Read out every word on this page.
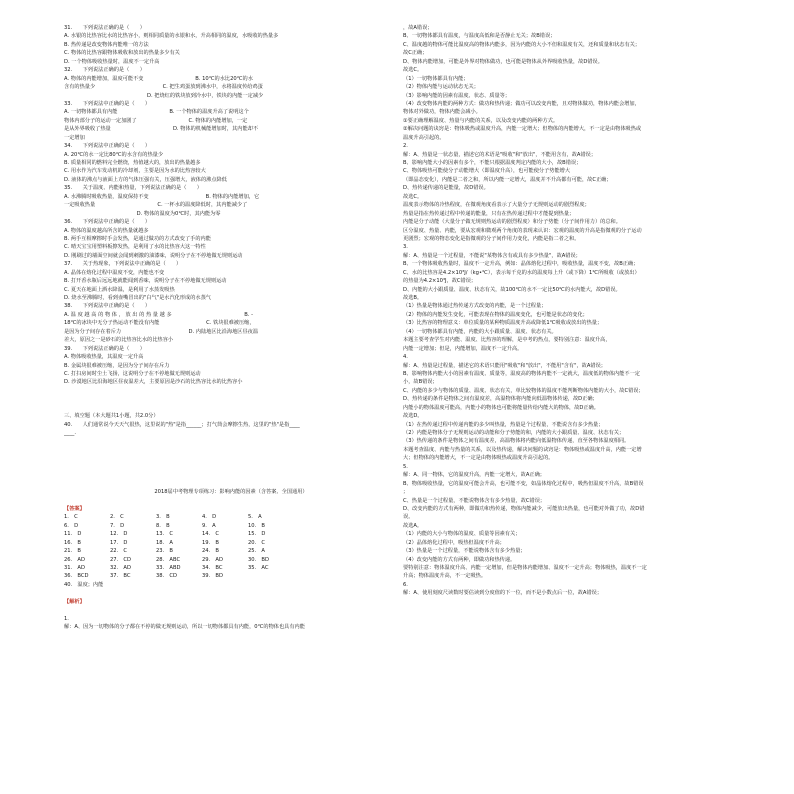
31.　　下列说法正确的是（　　）
A. 水银的比热容比水的比热容小，则相同质量的水银和水，升高相同的温度，水吸收的热量多
B. 热传递是改变物体内能唯一的方法
C. 物体的比热容跟物体吸收和放出的热量多少有关
D. 一个物体吸收热量时，温度不一定升高
32.　　下列说法正确的是（　　）
A. 物体的内能增加，温度可能不变　　　　　　　　　　B. 10℃的水比20℃的水
含有的热量少　　　　　　　　　　　　　C. 把生鸡蛋放到沸水中，水将温度传给鸡蛋
　　　　　　　　　　　　　　　　D. 把烧红的铁块放到冷水中，铁块的内能一定减少
33.　　下列说法中正确的是（　　）
A. 一切物体都具有内能　　　　　　　　　　B. 一个物体的温度升高了说明这个
物体内部分子的运动一定加剧了　　　　　　　　　　C. 物体的内能增加，一定
是从外界吸收了热量　　　　　　　　　　　　D. 物体的机械能增加时，其内能却不
一定增加
34.　　下列说法中正确的是（　　）
A. 20℃的水一定比80℃的水含有的热量少
B. 质量相同的燃料完全燃烧，热值越大的，放出的热量越多
C. 用水作为汽车发动机的冷却剂，主要是因为水的比热容较大
D. 液体的沸点与液面上方的气体压强有关，压强增大，液体的沸点降低
35.　　关于温度、内能和热量，下列说法正确的是（　　）
A. 水沸腾时吸收热量，温度保持不变　　　　　　　　　　　B. 物体的内能增加，它
一定吸收热量　　　　　　　　　　　　C. 一杯水的温度降低时，其内能减少了
　　　　　　　　　　　　　　D. 物体的温度为0℃时，其内能为零
36.　　下列说法中正确的是（　　）
A. 物体的温度越高所含的热量就越多
B. 两手互相摩擦时手会发热，是通过做功的方式改变了手的内能
C. 晴天宝宝用塑料板擦发热，是利用了水的比热容大这一特性
D. 刚刷过的墙面空间就会闻到刺激的油漆味，说明分子在不停地做无规则运动
37.　　关于热现象，下列说法中正确的是（　　）
A. 晶体在熔化过程中温度不变，内能也不变
B. 打开香水瓶后远远地就能闻到香味，说明分子在不停地做无规则运动
C. 夏天在地面上洒水降温，是利用了水蒸发吸热
D. 烧水至沸腾时，看到壶嘴冒出的"白气"是水汽化形成的水蒸气
38.　　下列说法中正确的是（　　）
A. 温 度 越 高 的 物 体 ， 放 出 的 热 量 越 多　　　　　　　　　　　　　　B. -
18℃的冰块中无分子热运动不能没有内能　　　　　　　　　C. 铁块很难被压缩，
是因为分子间存在着斥力　　　　　　　　　　　　　D. 内陆地区比沿海地区昼夜温
差大，原因之一是砂石的比热容比水的比热容小
39.　　下列说法正确的是（　　）
A. 物体吸收热量，其温度一定升高
B. 金属块很难被压缩，是因为分子间存在斥力
C. 打扫房间时尘土飞扬，这说明分子在不停地做无规则运动
D. 沙漠地区比沿海地区昼夜温差大，主要原因是沙石的比热容比水的比热容小
三、填空题（本大题共1小题，共2.0分）
40.　　人们通常说今天天气很热，这里说的"热"是指______；打气筒会摩擦生热，这里的"热"是指____
____.
2018届中考物理专项练习：影响内能的因素（含答案、全国通用）
【答案】
1.　C	2.　C	3.　B	4.　D	5.　A
6.　D	7.　D	8.　B	9.　A	10.　B
11.　D	12.　D	13.　C	14.　C	15.　D
16.　B	17.　D	18.　A	19.　B	20.　C
21.　B	22.　C	23.　B	24.　B	25.　A
26.　AD	27.　CD	28.　ABC	29.　AD	30.　BD
31.　AD	32.　AD	33.　ABD	34.　BC	35.　AC
36.　BCD	37.　BC	38.　CD	39.　BD
40.　温度；内能
【解析】
1.
解：A、因为一切物体的分子都在不停的做无规则运动，所以一切物体都具有内能，0℃的物体也具有内能
，故A错误；
B、一切物体都具有温度，与温度高低和是否静止无关；故B错误；
C、温度越的物体可能比温度高的物体内能多，因为内能的大小不但和温度有关，还和质量和状态有关；
故C正确；
D、物体内能增加，可能是外界对物体做功，也可能是物体从外界吸收热量，故D错误。
故选C。
（1）一切物体都具有内能；
（2）物体内能与运动状态无关；
（3）影响内能的因素有温度、状态、质量等；
（4）改变物体内能的两种方式：做功和热传递；做功可以改变内能，且对物体做功，物体内能会增加，
物体对外做功，物体内能会减小。
①要正确理解温度、热量与内能的关系，以及改变内能的两种方式。
②解决问题的诀窍是：物体吸热或温度升高，内能一定增大；但物体的内能增大，不一定是由物体吸热或
温度升高引起的。
2.
解：A、热量是一状态量，描述它的术语是"吸收"和"放出"，不能用含有，故A错误；
B、影响内能大小的因素有多个，不能只根据温度判定内能的大小，故B错误；
C、物体吸热可能使分子动能增大（即温度升高），也可能使分子势能增大
（即晶态变化），内能是二者之和，所以内能一定增大，温度并不升高都有可能，故C正确；
D、热传递传递的是能量，故D错误。
故选C。
温度表示物体的冷热程度，在微观角度看表示了大量分子无规则运动的剧烈程度；
热量是指在热传递过程中传递的能量，只有在热传递过程中才能提到热量；
内能是分子动能（大量分子做无规则热运动的剧烈程度）和分子势能（分子间作用力）的总和。
区分温度、热量、内能，要从宏观和微观两个角度的表现来认识：宏观的温度的升高是指微观的分子运动
更剧烈；宏观的物态变化是指微观的分子间作用力变化，内能是指二者之和。
3.
解：A、热量是一个过程量，不能说"某物体含有或具有多少热量"，故A错误；
B、一个物体吸收热量时，温度不一定升高，例如：晶体熔化过程中，吸收热量，温度不变，故B正确；
C、水的比热容是4.2×10³J/（kg•℃），表示每千克的水的温度每上升（或下降）1℃所吸收（或放出）
的热量为4.2×10³J，故C错误；
D、内能的大小跟质量、温度、状态有关，故100℃的水不一定比50℃的水内能大，故D错误。
故选B。
（1）热量是物体通过热传递方式改变的内能，是一个过程量；
（2）物体的内能发生变化，可能表现在物体的温度变化，也可能是状态的变化；
（3）比热容的物理意义：单位质量的某种物质温度升高或降低1℃吸收或放出的热量；
（4）一切物体都具有内能，内能的大小跟质量、温度、状态有关。
本题主要考查学生对内能、温度、比热容的理解，是中考的热点，要特别注意：温度升高，
内能一定增加；但是，内能增加，温度不一定升高。
4.
解：A、热量是过程量，描述它的术语只能用"吸收"和"放出"，不能用"含有"，故A错误；
B、影响物体内能大小的因素有温度、质量等，温度高的物体内能不一定就大，温度低的物体内能不一定
小，故B错误；
C、内能的多少与物体的质量、温度、状态有关，单比较物体的温度不能判断物体内能的大小，故C错误；
D、热传递的条件是物体之间有温度差，高温物体将内能向低温物体传递，故D正确；
内能小的物体温度可能高，内能小的物体也可能将能量传给内能大的物体，故D正确。
故选D。
（1）在热传递过程中传递内能的多少叫热量，热量是个过程量，不能说含有多少热量；
（2）内能是物体分子无规则运动的动能和分子势能的和，内能的大小跟质量、温度、状态有关；
（3）热传递的条件是物体之间有温度差，高温物体将内能向低温物体传递，直至各物体温度相同。
本题考查温度、内能与热量的关系，以及热传递，解决问题的诀窍是：物体吸热或温度升高，内能一定增
大；但物体的内能增大，不一定是由物体吸热或温度升高引起的。
5.
解：A、同一物体，它的温度升高，内能一定增大，故A正确；
B、物体吸收热量，它的温度可能会升高，也可能不变，如晶体熔化过程中，吸热但温度不升高，故B错误
；
C、热量是一个过程量，不能说物体含有多少热量，故C错误；
D、改变内能的方式有两种，即做功和热传递，物体内能减少，可能放出热量，也可能对外做了功，故D错
误。
故选A。
（1）内能的大小与物体的温度、质量等因素有关；
（2）晶体熔化过程中，吸热但温度不升高；
（3）热量是一个过程量，不能说物体含有多少热量；
（4）改变内能的方式有两种，即做功和热传递。
要特别注意：物体温度升高、内能一定增加，但是物体内能增加、温度不一定升高；物体吸热，温度不一定
升高；物体温度升高，不一定吸热。
6.
解：A、使用刻度尺读数时要估读到分度值的下一位，而不是小数点后一位，故A错误；
